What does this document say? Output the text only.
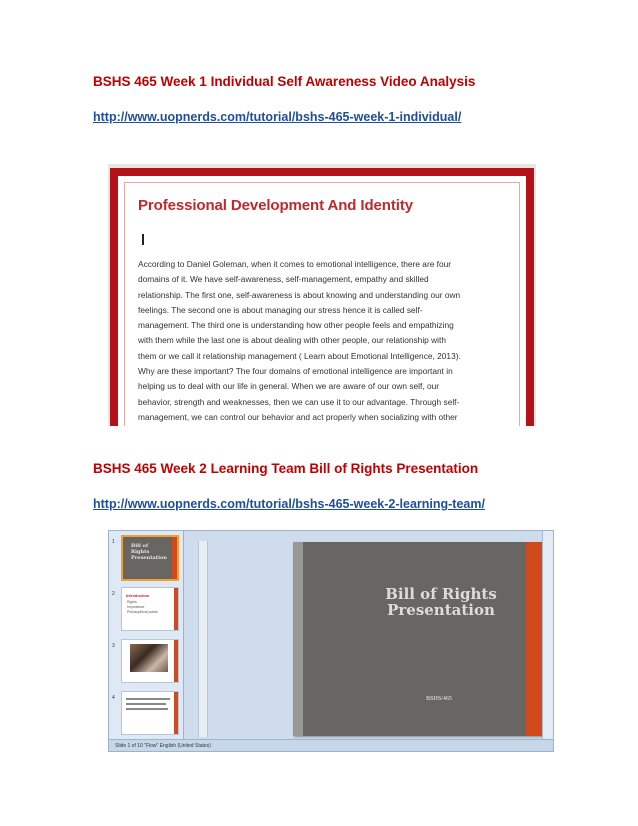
BSHS 465 Week 1 Individual Self Awareness Video Analysis
http://www.uopnerds.com/tutorial/bshs-465-week-1-individual/
Professional Development And Identity
According to Daniel Goleman, when it comes to emotional intelligence, there are four
domains of it. We have self-awareness, self-management, empathy and skilled
relationship. The first one, self-awareness is about knowing and understanding our own
feelings. The second one is about managing our stress hence it is called self-
management. The third one is understanding how other people feels and empathizing
with them while the last one is about dealing with other people, our relationship with
them or we call it relationship management ( Learn about Emotional Intelligence, 2013).
Why are these important? The four domains of emotional intelligence are important in
helping us to deal with our life in general. When we are aware of our own self, our
behavior, strength and weaknesses, then we can use it to our advantage. Through self-
management, we can control our behavior and act properly when socializing with other
BSHS 465 Week 2 Learning Team Bill of Rights Presentation
http://www.uopnerds.com/tutorial/bshs-465-week-2-learning-team/
1
Bill of Rights Presentation
2	Introduction
Rights
Importance
Philosophical points
3
4
Bill of Rights
Presentation
BSHS/465
Slide 1 of 10 "Flow" English (United States)
